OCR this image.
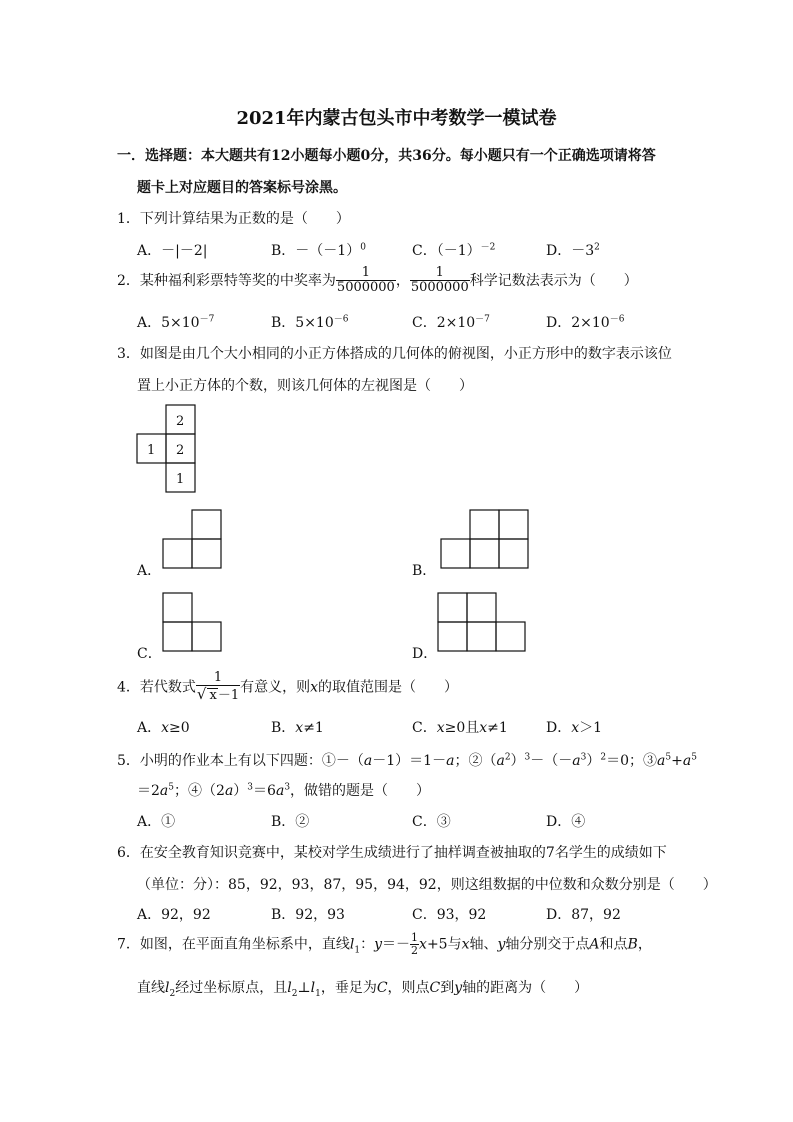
2021年内蒙古包头市中考数学一模试卷
一．选择题：本大题共有12小题每小题0分，共36分。每小题只有一个正确选项请将答
题卡上对应题目的答案标号涂黑。
1．下列计算结果为正数的是（　　）
A．－|－2|	B．$-(-1)^0$	C．$(-1)^{-2}$	D．$-3^2$
2．某种福利彩票特等奖的中奖率为 $\frac{1}{5000000}$ ， $\frac{1}{5000000}$ 科学记数法表示为（　　）
A．$5\times 10^{-7}$	B．$5\times 10^{-6}$	C．$2\times 10^{-7}$	D．$2\times 10^{-6}$
3．如图是由几个大小相同的小正方体搭成的几何体的俯视图，小正方形中的数字表示该位
置上小正方体的个数，则该几何体的左视图是（　　）
2
1 2
1
A．	B．
C．	D．
4．若代数式 $\frac{1}{√ x-1}$ 有意义，则x的取值范围是（　　）
A．x≥0	B．x≠1	C．x≥0且x≠1	D．x＞1
5．小明的作业本上有以下四题：①－（a－1）＝1－a；$②(a^2)^3-(-a^3)^2=0$；$③a^5+a^5$
$=2a^5$；$④(2a)^3=6a^3$，做错的题是（　　）
A．①	B．②	C．③	D．④
6．在安全教育知识竞赛中，某校对学生成绩进行了抽样调查被抽取的7名学生的成绩如下
（单位：分）：85，92，93，87，95，94，92，则这组数据的中位数和众数分别是（　　）
A．92，92	B．92，93	C．93，92	D．87，92
7．如图，在平面直角坐标系中，直线$l_1$：$y=- \frac{1}{2} x+5$与x轴、y轴分别交于点A和点B，
直线$l_2$经过坐标原点，且$l_2\perp l_1$，垂足为C，则点C到y轴的距离为（　　）
